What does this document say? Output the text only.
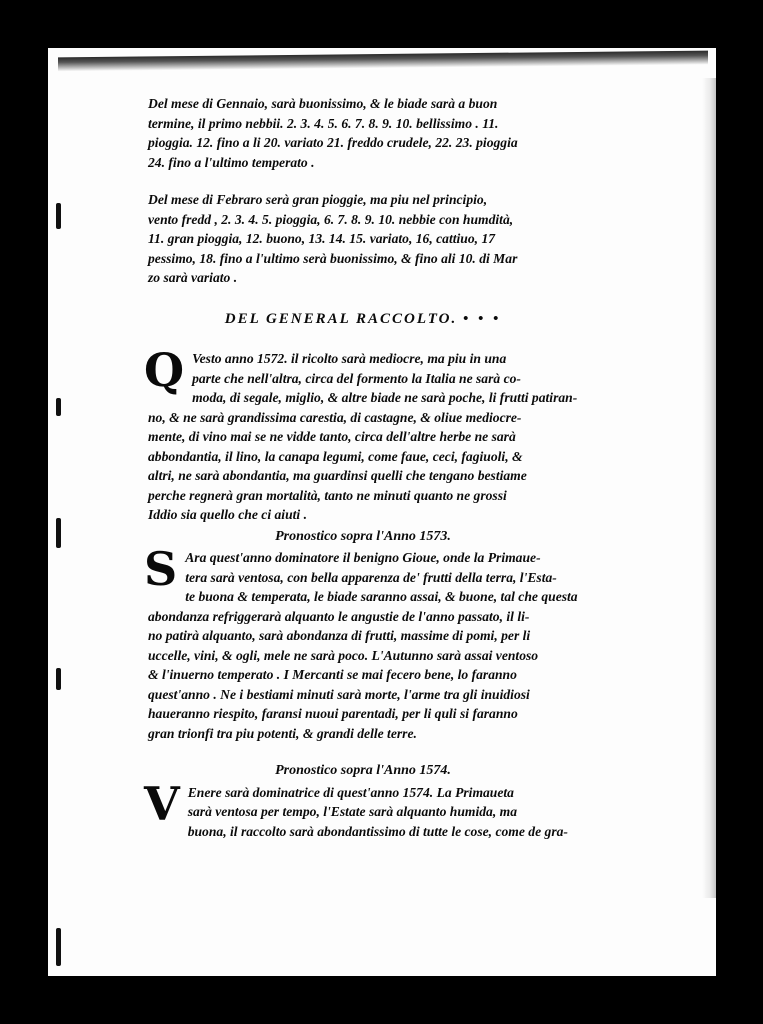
Del mese di Gennaio, sarà buonissimo, & le biade sarà a buon
termine, il primo nebbii. 2. 3. 4. 5. 6. 7. 8. 9. 10. bellissimo . 11.
pioggia. 12. fino a li 20. variato 21. freddo crudele, 22. 23. pioggia
24. fino a l'ultimo temperato .
Del mese di Febraro serà gran pioggie, ma piu nel principio,
vento fredd , 2. 3. 4. 5. pioggia, 6. 7. 8. 9. 10. nebbie con humdità,
11. gran pioggia, 12. buono, 13. 14. 15. variato, 16, cattiuo, 17
pessimo, 18. fino a l'ultimo serà buonissimo, & fino ali 10. di Mar
zo sarà variato .
DEL GENERAL RACCOLTO. • • •
Q Vesto anno 1572. il ricolto sarà mediocre, ma piu in una
parte che nell'altra, circa del formento la Italia ne sarà co-
moda, di segale, miglio, & altre biade ne sarà poche, li frutti patiran-
no, & ne sarà grandissima carestia, di castagne, & oliue mediocre-
mente, di vino mai se ne vidde tanto, circa dell'altre herbe ne sarà
abbondantia, il lino, la canapa legumi, come faue, ceci, fagiuoli, &
altri, ne sarà abondantia, ma guardinsi quelli che tengano bestiame
perche regnerà gran mortalità, tanto ne minuti quanto ne grossi
Iddio sia quello che ci aiuti .
Pronostico sopra l'Anno 1573.
S Ara quest'anno dominatore il benigno Gioue, onde la Primaue-
tera sarà ventosa, con bella apparenza de' frutti della terra, l'Esta-
te buona & temperata, le biade saranno assai, & buone, tal che questa
abondanza refriggerarà alquanto le angustie de l'anno passato, il li-
no patirà alquanto, sarà abondanza di frutti, massime di pomi, per li
uccelle, vini, & ogli, mele ne sarà poco. L'Autunno sarà assai ventoso
& l'inuerno temperato . I Mercanti se mai fecero bene, lo faranno
quest'anno . Ne i bestiami minuti sarà morte, l'arme tra gli inuidiosi
haueranno riespito, faransi nuoui parentadi, per li quli si faranno
gran trionfi tra piu potenti, & grandi delle terre.
Pronostico sopra l'Anno 1574.
V Enere sarà dominatrice di quest'anno 1574. La Primaueta
sarà ventosa per tempo, l'Estate sarà alquanto humida, ma
buona, il raccolto sarà abondantissimo di tutte le cose, come de gra-
